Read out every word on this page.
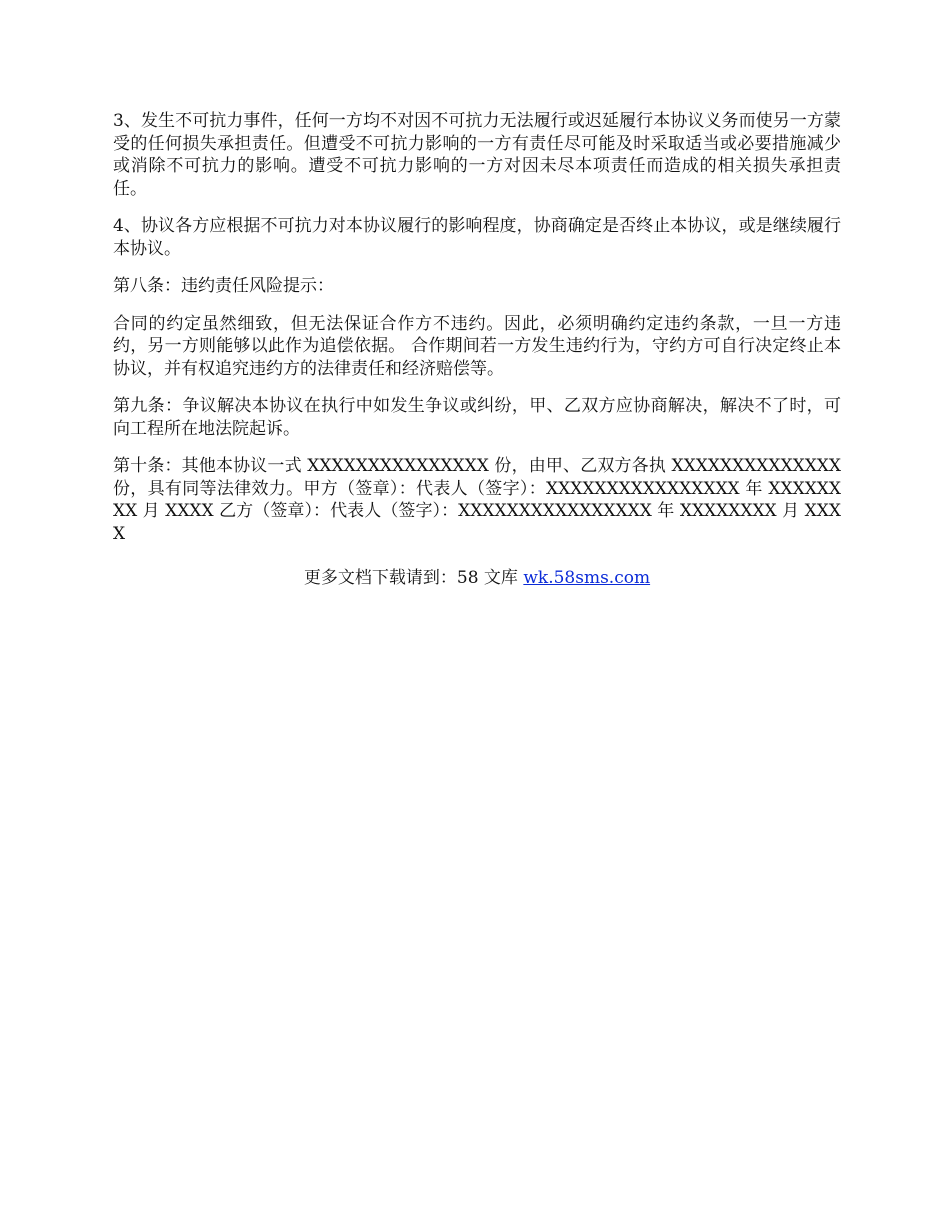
3、发生不可抗力事件，任何一方均不对因不可抗力无法履行或迟延履行本协议义务而使另一方蒙受的任何损失承担责任。但遭受不可抗力影响的一方有责任尽可能及时采取适当或必要措施减少或消除不可抗力的影响。遭受不可抗力影响的一方对因未尽本项责任而造成的相关损失承担责任。

4、协议各方应根据不可抗力对本协议履行的影响程度，协商确定是否终止本协议，或是继续履行本协议。

第八条：违约责任风险提示：

合同的约定虽然细致，但无法保证合作方不违约。因此，必须明确约定违约条款，一旦一方违约，另一方则能够以此作为追偿依据。 合作期间若一方发生违约行为，守约方可自行决定终止本协议，并有权追究违约方的法律责任和经济赔偿等。

第九条：争议解决本协议在执行中如发生争议或纠纷，甲、乙双方应协商解决，解决不了时，可向工程所在地法院起诉。

第十条：其他本协议一式 XXXXXXXXXXXXXXX 份，由甲、乙双方各执 XXXXXXXXXXXXXX 份，具有同等法律效力。甲方（签章）：代表人（签字）：XXXXXXXXXXXXXXXX 年 XXXXXXXX 月 XXXX 乙方（签章）：代表人（签字）：XXXXXXXXXXXXXXXX 年 XXXXXXXX 月 XXXX

更多文档下载请到：58 文库 wk.58sms.com
